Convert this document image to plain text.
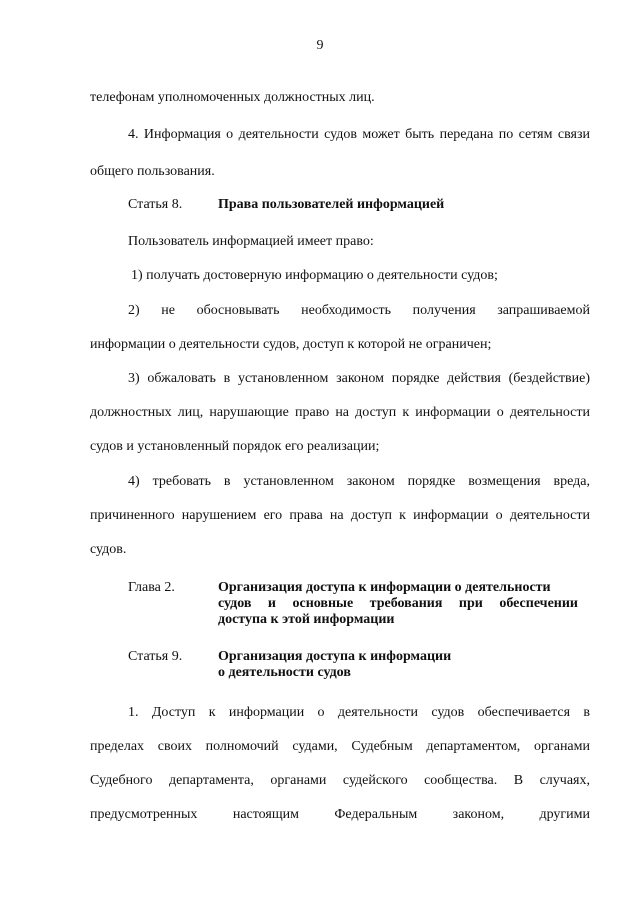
9
телефонам уполномоченных должностных лиц.
4. Информация о деятельности судов может быть передана по сетям связи
общего пользования.
Статья 8.	Права пользователей информацией
Пользователь информацией имеет право:
1) получать достоверную информацию о деятельности судов;
2) не обосновывать необходимость получения запрашиваемой
информации о деятельности судов, доступ к которой не ограничен;
3) обжаловать в установленном законом порядке действия (бездействие)
должностных лиц, нарушающие право на доступ к информации о деятельности
судов и установленный порядок его реализации;
4) требовать в установленном законом порядке возмещения вреда,
причиненного нарушением его права на доступ к информации о деятельности
судов.
Глава 2.	Организация доступа к информации о деятельности
судов и основные требования при обеспечении
доступа к этой информации
Статья 9.	Организация доступа к информации
о деятельности судов
1. Доступ к информации о деятельности судов обеспечивается в
пределах своих полномочий судами, Судебным департаментом, органами
Судебного департамента, органами судейского сообщества. В случаях,
предусмотренных настоящим Федеральным законом, другими
